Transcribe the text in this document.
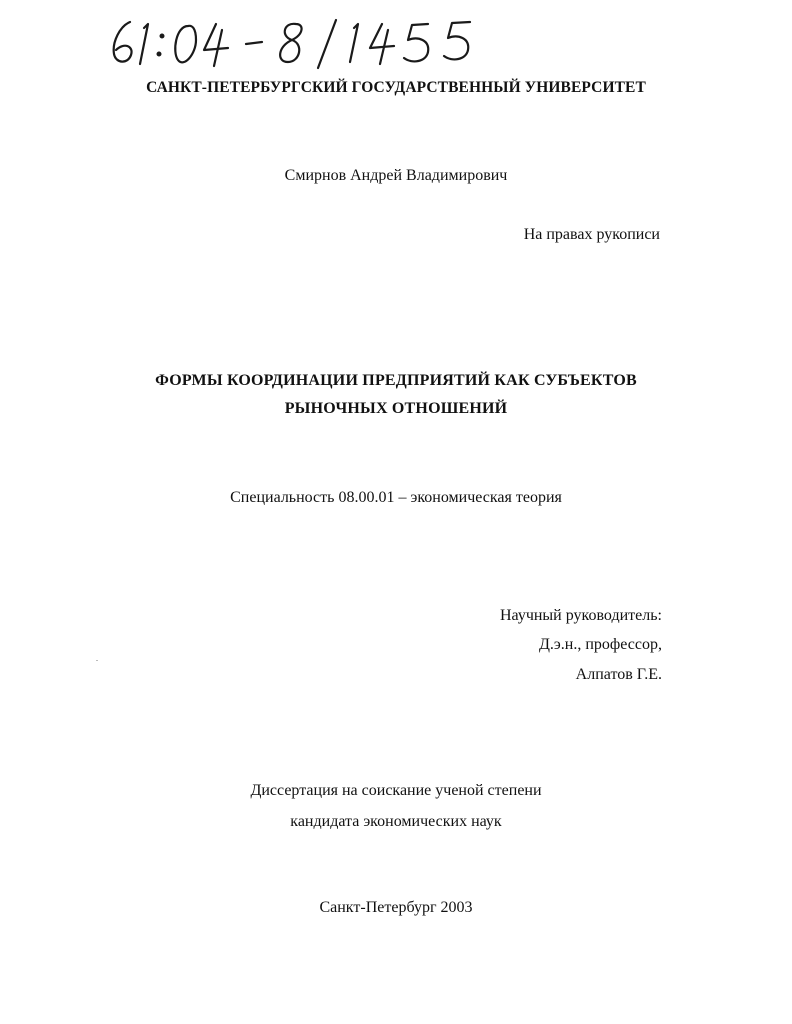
САНКТ-ПЕТЕРБУРГСКИЙ ГОСУДАРСТВЕННЫЙ УНИВЕРСИТЕТ
Смирнов Андрей Владимирович
На правах рукописи
ФОРМЫ КООРДИНАЦИИ ПРЕДПРИЯТИЙ КАК СУБЪЕКТОВ
РЫНОЧНЫХ ОТНОШЕНИЙ
Специальность 08.00.01 – экономическая теория
Научный руководитель:
Д.э.н., профессор,
Алпатов Г.Е.
Диссертация на соискание ученой степени
кандидата экономических наук
Санкт-Петербург 2003
